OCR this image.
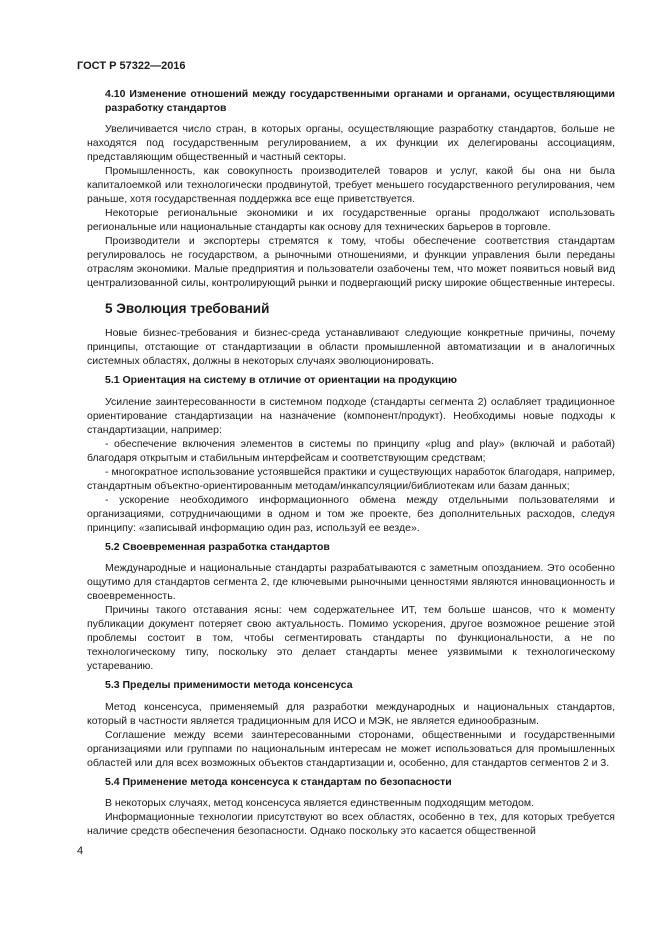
ГОСТ Р 57322—2016
4.10 Изменение отношений между государственными органами и органами, осуществляющими разработку стандартов

Увеличивается число стран, в которых органы, осуществляющие разработку стандартов, больше не находятся под государственным регулированием, а их функции их делегированы ассоциациям, представляющим общественный и частный секторы.

Промышленность, как совокупность производителей товаров и услуг, какой бы она ни была капиталоемкой или технологически продвинутой, требует меньшего государственного регулирования, чем раньше, хотя государственная поддержка все еще приветствуется.

Некоторые региональные экономики и их государственные органы продолжают использовать региональные или национальные стандарты как основу для технических барьеров в торговле.

Производители и экспортеры стремятся к тому, чтобы обеспечение соответствия стандартам регулировалось не государством, а рыночными отношениями, и функции управления были переданы отраслям экономики. Малые предприятия и пользователи озабочены тем, что может появиться новый вид централизованной силы, контролирующий рынки и подвергающий риску широкие общественные интересы.

5 Эволюция требований

Новые бизнес-требования и бизнес-среда устанавливают следующие конкретные причины, почему принципы, отстающие от стандартизации в области промышленной автоматизации и в аналогичных системных областях, должны в некоторых случаях эволюционировать.

5.1 Ориентация на систему в отличие от ориентации на продукцию

Усиление заинтересованности в системном подходе (стандарты сегмента 2) ослабляет традиционное ориентирование стандартизации на назначение (компонент/продукт). Необходимы новые подходы к стандартизации, например:

- обеспечение включения элементов в системы по принципу «plug and play» (включай и работай) благодаря открытым и стабильным интерфейсам и соответствующим средствам;

- многократное использование устоявшейся практики и существующих наработок благодаря, например, стандартным объектно-ориентированным методам/инкапсуляции/библиотекам или базам данных;

- ускорение необходимого информационного обмена между отдельными пользователями и организациями, сотрудничающими в одном и том же проекте, без дополнительных расходов, следуя принципу: «записывай информацию один раз, используй ее везде».

5.2 Своевременная разработка стандартов

Международные и национальные стандарты разрабатываются с заметным опозданием. Это особенно ощутимо для стандартов сегмента 2, где ключевыми рыночными ценностями являются инновационность и своевременность.

Причины такого отставания ясны: чем содержательнее ИТ, тем больше шансов, что к моменту публикации документ потеряет свою актуальность. Помимо ускорения, другое возможное решение этой проблемы состоит в том, чтобы сегментировать стандарты по функциональности, а не по технологическому типу, поскольку это делает стандарты менее уязвимыми к технологическому устареванию.

5.3 Пределы применимости метода консенсуса

Метод консенсуса, применяемый для разработки международных и национальных стандартов, который в частности является традиционным для ИСО и МЭК, не является единообразным.

Соглашение между всеми заинтересованными сторонами, общественными и государственными организациями или группами по национальным интересам не может использоваться для промышленных областей или для всех возможных объектов стандартизации и, особенно, для стандартов сегментов 2 и 3.

5.4 Применение метода консенсуса к стандартам по безопасности

В некоторых случаях, метод консенсуса является единственным подходящим методом.

Информационные технологии присутствуют во всех областях, особенно в тех, для которых требуется наличие средств обеспечения безопасности. Однако поскольку это касается общественной

4
